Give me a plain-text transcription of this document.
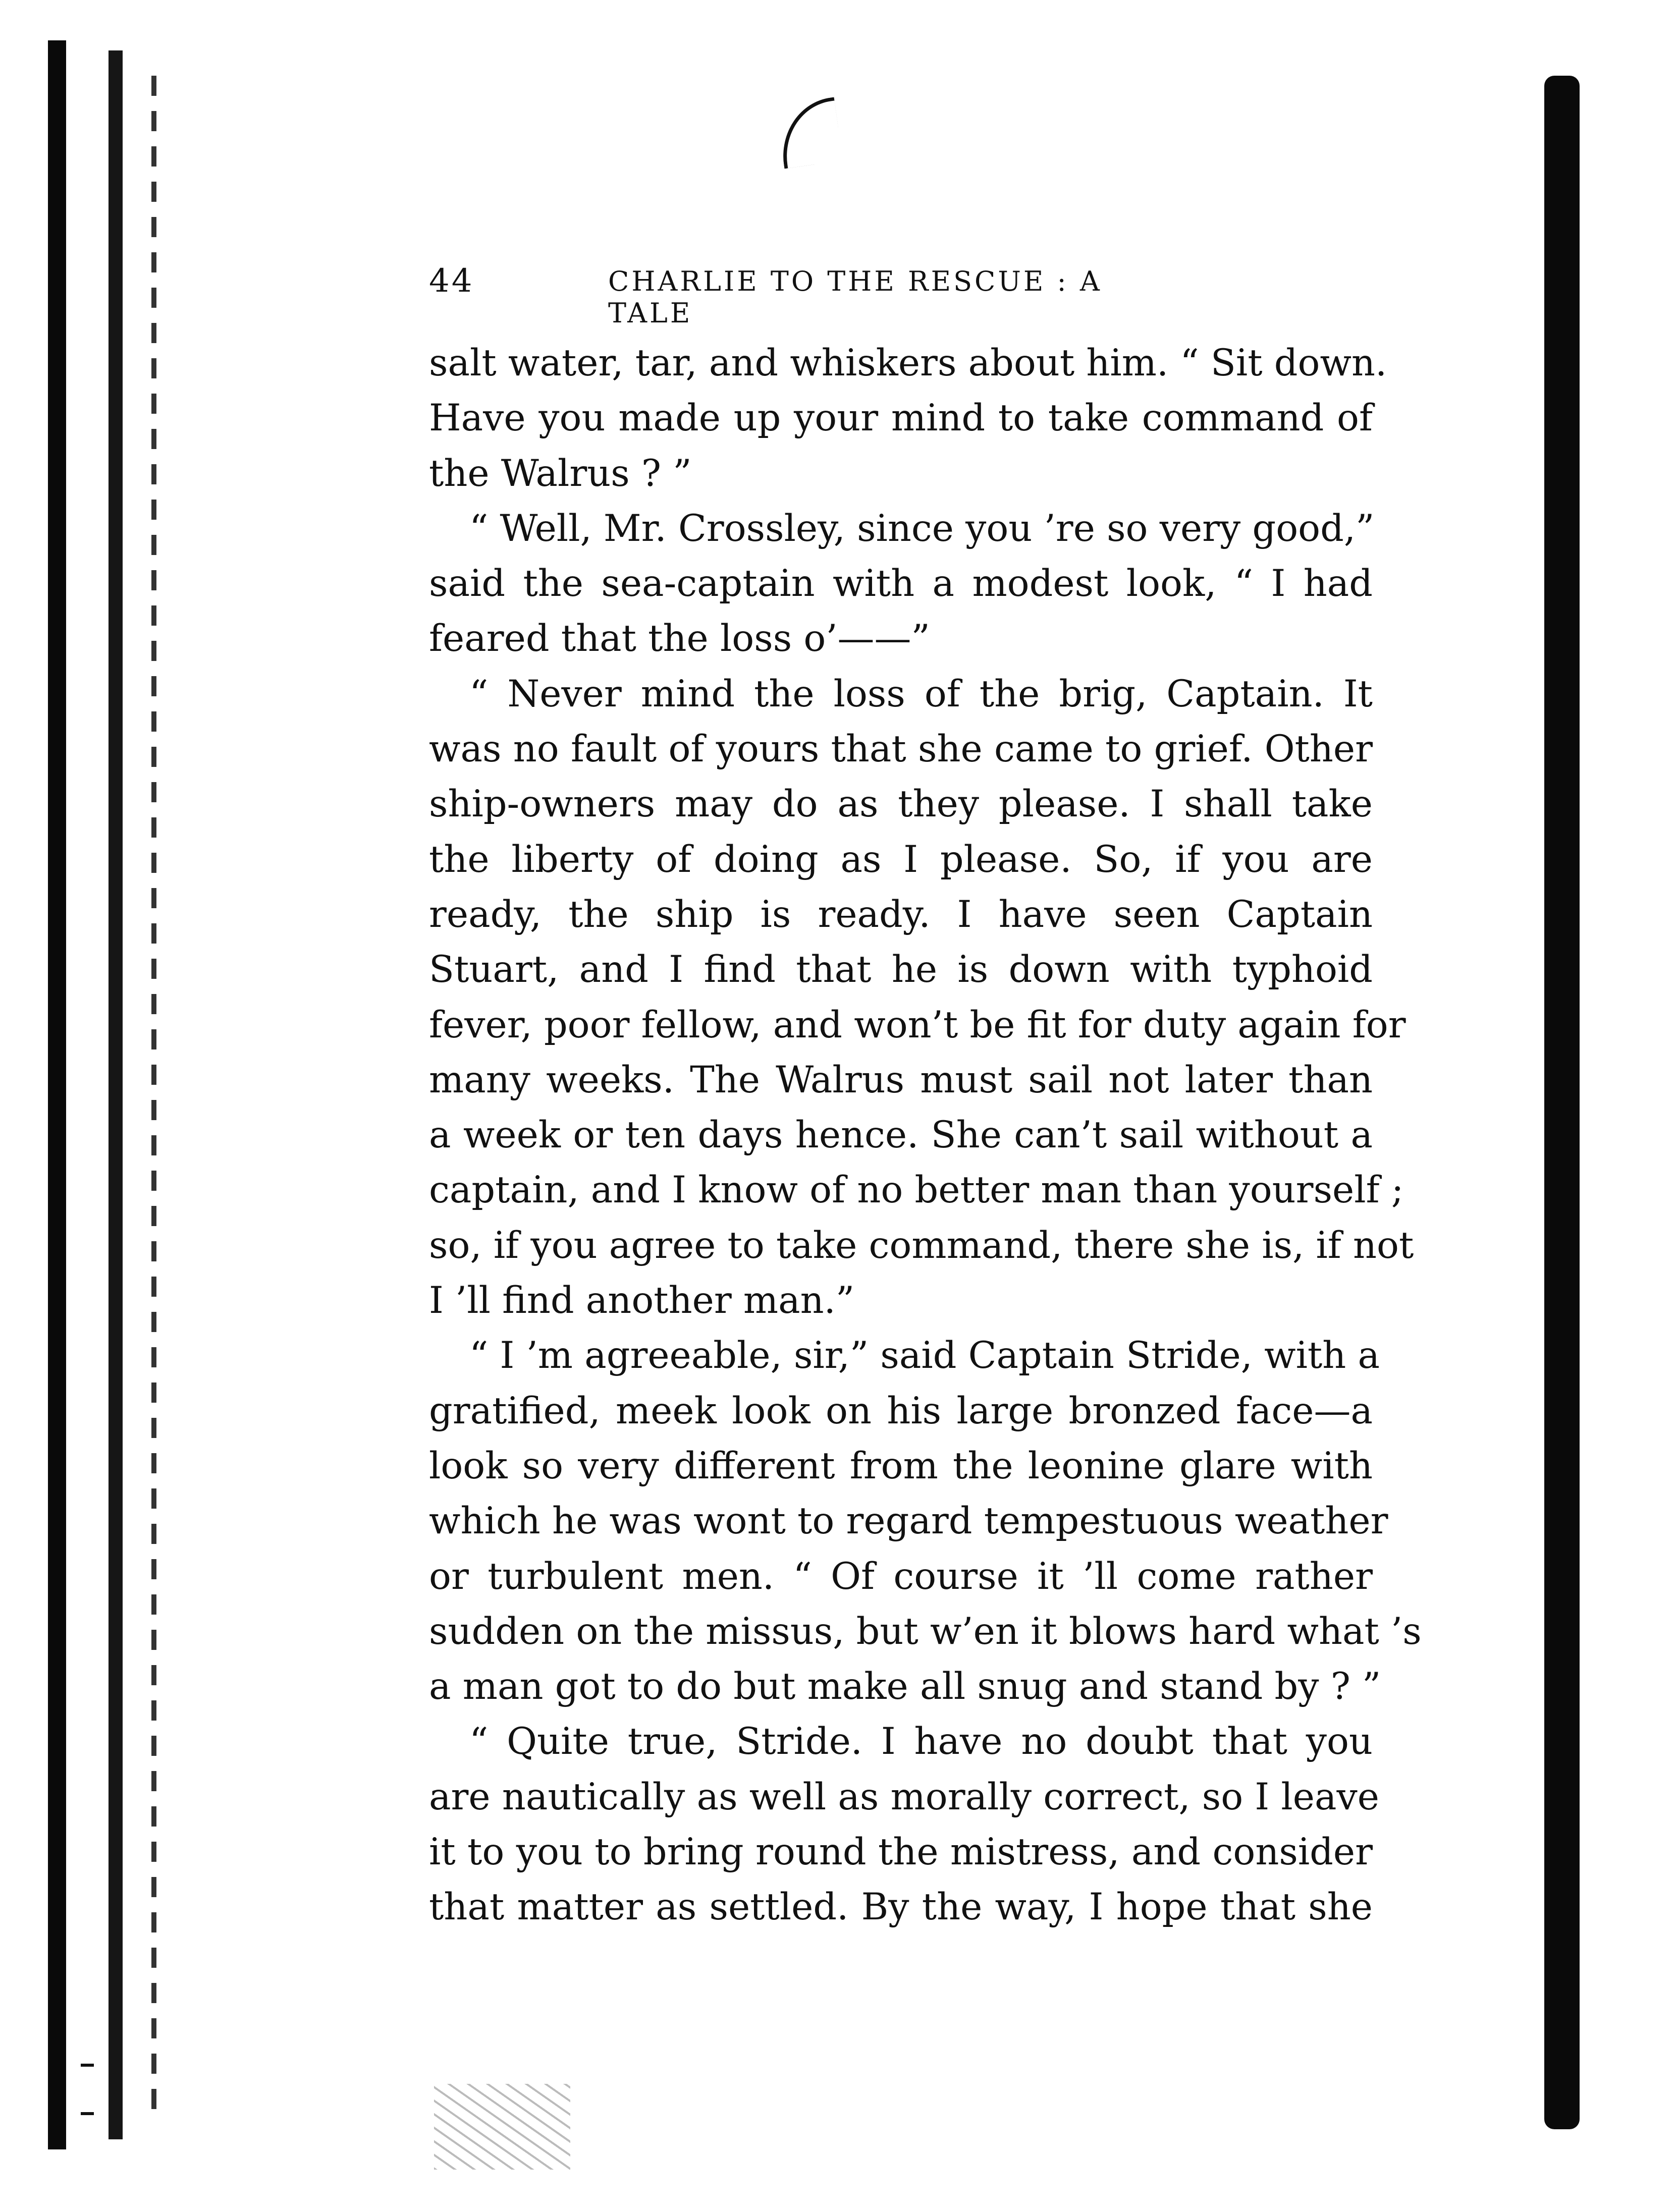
44	CHARLIE TO THE RESCUE : A TALE
salt water, tar, and whiskers about him. “ Sit down.
Have you made up your mind to take command of
the Walrus ? ”
“ Well, Mr. Crossley, since you ’re so very good,”
said the sea-captain with a modest look, “ I had
feared that the loss o’——”
“ Never mind the loss of the brig, Captain. It
was no fault of yours that she came to grief. Other
ship-owners may do as they please. I shall take
the liberty of doing as I please. So, if you are
ready, the ship is ready. I have seen Captain
Stuart, and I find that he is down with typhoid
fever, poor fellow, and won’t be fit for duty again for
many weeks. The Walrus must sail not later than
a week or ten days hence. She can’t sail without a
captain, and I know of no better man than yourself ;
so, if you agree to take command, there she is, if not
I ’ll find another man.”
“ I ’m agreeable, sir,” said Captain Stride, with a
gratified, meek look on his large bronzed face—a
look so very different from the leonine glare with
which he was wont to regard tempestuous weather
or turbulent men. “ Of course it ’ll come rather
sudden on the missus, but w’en it blows hard what ’s
a man got to do but make all snug and stand by ? ”
“ Quite true, Stride. I have no doubt that you
are nautically as well as morally correct, so I leave
it to you to bring round the mistress, and consider
that matter as settled. By the way, I hope that she
